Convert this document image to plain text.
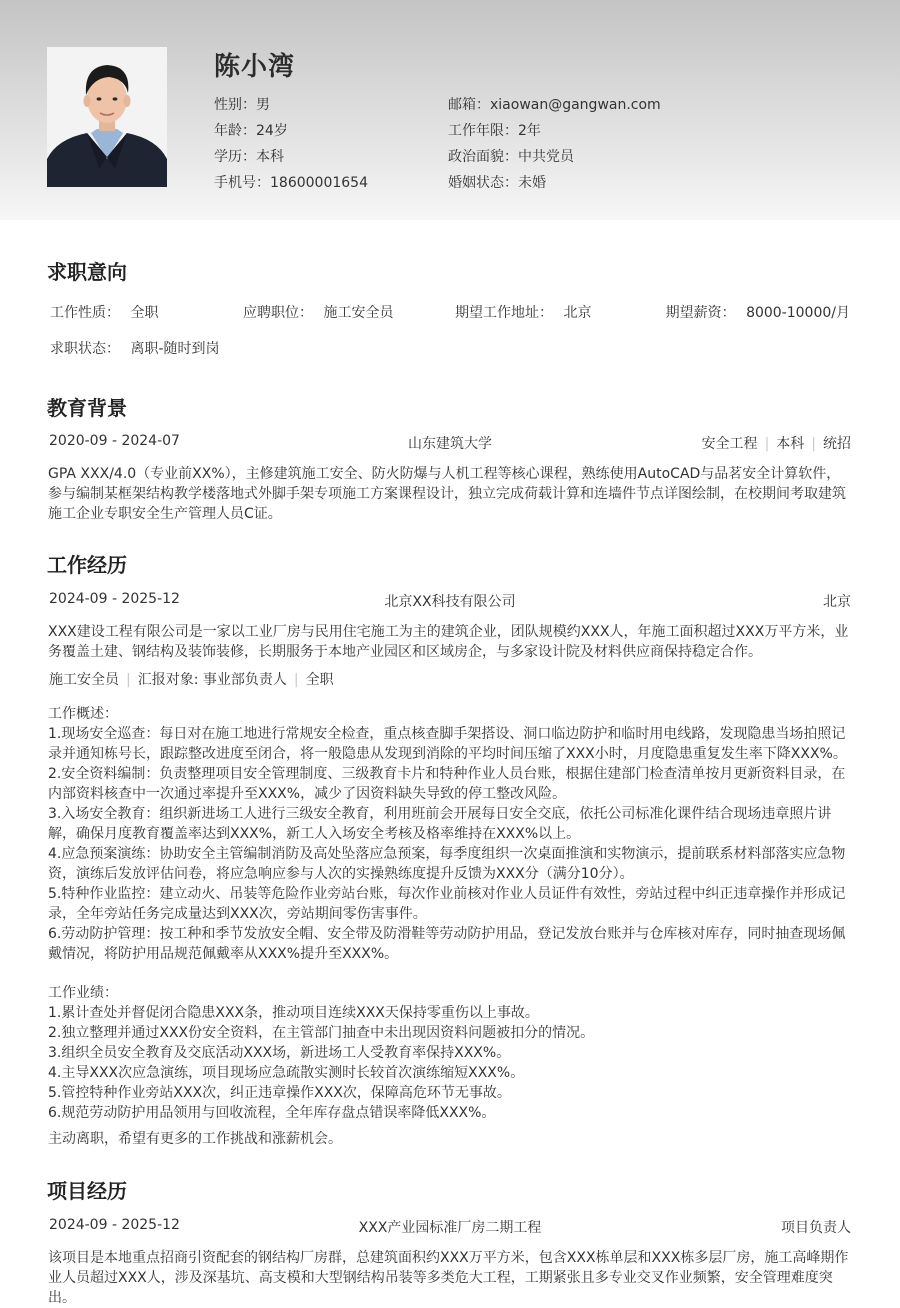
陈小湾
性别：男	邮箱：xiaowan@gangwan.com
年龄：24岁	工作年限：2年
学历：本科	政治面貌：中共党员
手机号：18600001654	婚姻状态：未婚
求职意向
工作性质： 全职	应聘职位： 施工安全员	期望工作地址： 北京	期望薪资： 8000-10000/月
求职状态： 离职-随时到岗
教育背景
2020-09 - 2024-07	山东建筑大学	安全工程 | 本科 | 统招
GPA XXX/4.0（专业前XX%），主修建筑施工安全、防火防爆与人机工程等核心课程，熟练使用AutoCAD与品茗安全计算软件，参与编制某框架结构教学楼落地式外脚手架专项施工方案课程设计，独立完成荷载计算和连墙件节点详图绘制，在校期间考取建筑施工企业专职安全生产管理人员C证。
工作经历
2024-09 - 2025-12	北京XX科技有限公司	北京
XXX建设工程有限公司是一家以工业厂房与民用住宅施工为主的建筑企业，团队规模约XXX人，年施工面积超过XXX万平方米，业务覆盖土建、钢结构及装饰装修，长期服务于本地产业园区和区域房企，与多家设计院及材料供应商保持稳定合作。
施工安全员 | 汇报对象: 事业部负责人 | 全职
工作概述：
1.现场安全巡查：每日对在施工地进行常规安全检查，重点核查脚手架搭设、洞口临边防护和临时用电线路，发现隐患当场拍照记录并通知栋号长，跟踪整改进度至闭合，将一般隐患从发现到消除的平均时间压缩了XXX小时，月度隐患重复发生率下降XXX%。
2.安全资料编制：负责整理项目安全管理制度、三级教育卡片和特种作业人员台账，根据住建部门检查清单按月更新资料目录，在内部资料核查中一次通过率提升至XXX%，减少了因资料缺失导致的停工整改风险。
3.入场安全教育：组织新进场工人进行三级安全教育，利用班前会开展每日安全交底，依托公司标准化课件结合现场违章照片讲解，确保月度教育覆盖率达到XXX%，新工人入场安全考核及格率维持在XXX%以上。
4.应急预案演练：协助安全主管编制消防及高处坠落应急预案，每季度组织一次桌面推演和实物演示，提前联系材料部落实应急物资，演练后发放评估问卷，将应急响应参与人次的实操熟练度提升反馈为XXX分（满分10分）。
5.特种作业监控：建立动火、吊装等危险作业旁站台账，每次作业前核对作业人员证件有效性，旁站过程中纠正违章操作并形成记录，全年旁站任务完成量达到XXX次，旁站期间零伤害事件。
6.劳动防护管理：按工种和季节发放安全帽、安全带及防滑鞋等劳动防护用品，登记发放台账并与仓库核对库存，同时抽查现场佩戴情况，将防护用品规范佩戴率从XXX%提升至XXX%。
工作业绩：
1.累计查处并督促闭合隐患XXX条，推动项目连续XXX天保持零重伤以上事故。
2.独立整理并通过XXX份安全资料，在主管部门抽查中未出现因资料问题被扣分的情况。
3.组织全员安全教育及交底活动XXX场，新进场工人受教育率保持XXX%。
4.主导XXX次应急演练，项目现场应急疏散实测时长较首次演练缩短XXX%。
5.管控特种作业旁站XXX次，纠正违章操作XXX次，保障高危环节无事故。
6.规范劳动防护用品领用与回收流程，全年库存盘点错误率降低XXX%。
主动离职，希望有更多的工作挑战和涨薪机会。
项目经历
2024-09 - 2025-12	XXX产业园标准厂房二期工程	项目负责人
该项目是本地重点招商引资配套的钢结构厂房群，总建筑面积约XXX万平方米，包含XXX栋单层和XXX栋多层厂房，施工高峰期作业人员超过XXX人，涉及深基坑、高支模和大型钢结构吊装等多类危大工程，工期紧张且多专业交叉作业频繁，安全管理难度突出。
